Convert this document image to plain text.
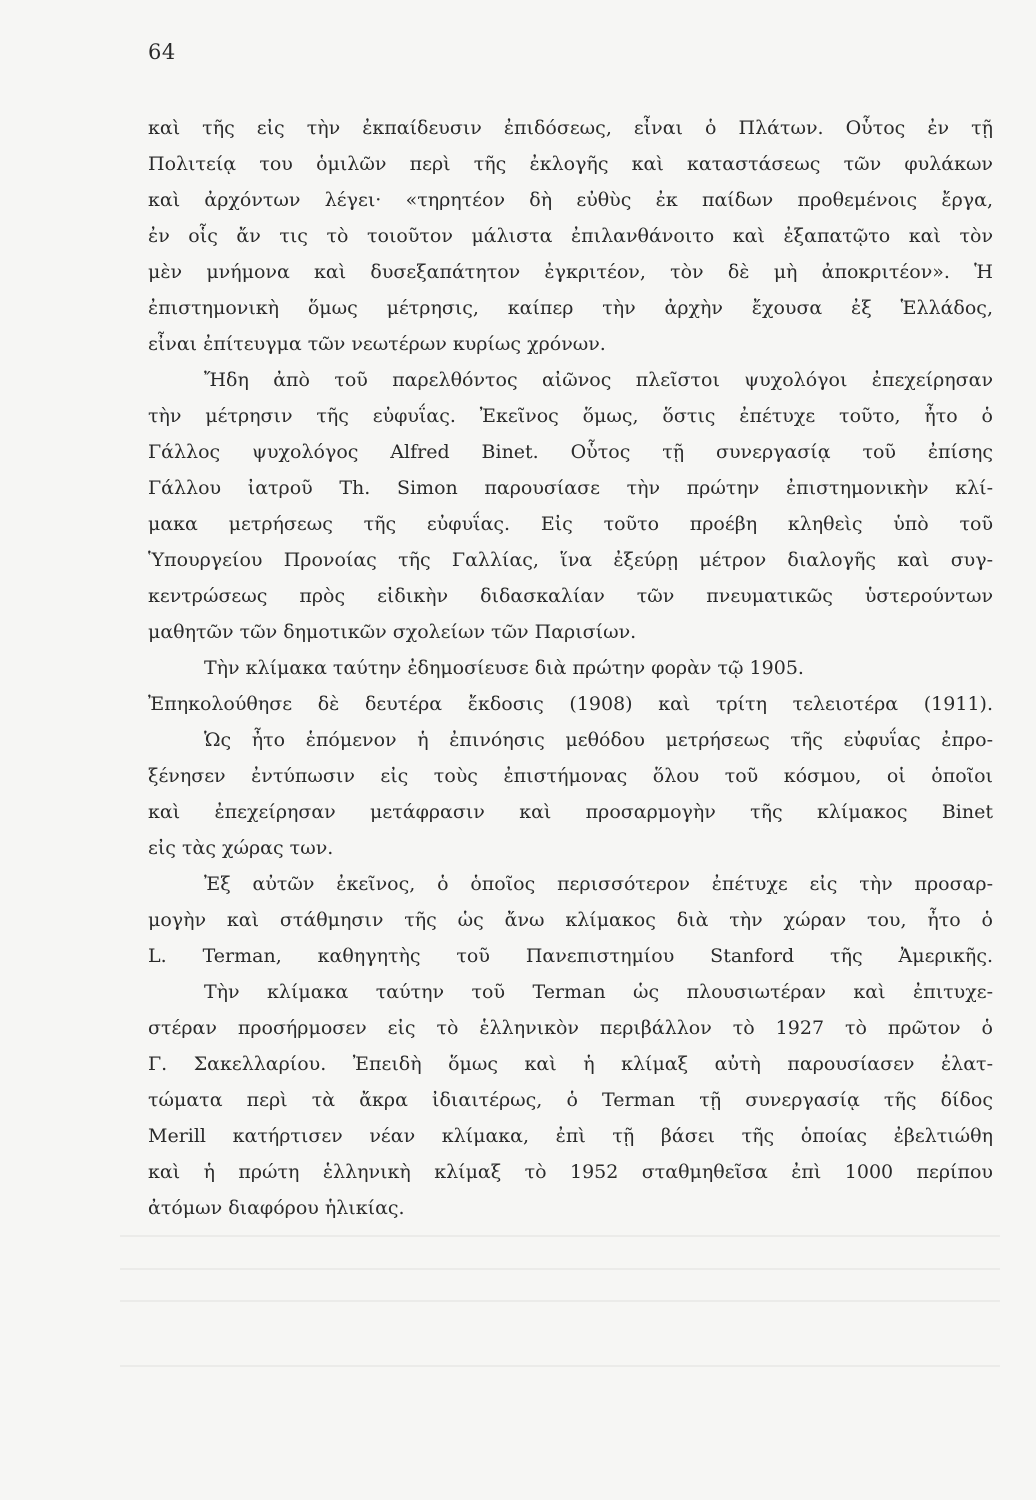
64
καὶ τῆς εἰς τὴν ἐκπαίδευσιν ἐπιδόσεως, εἶναι ὁ Πλάτων. Οὗτος ἐν τῇ
Πολιτείᾳ του ὁμιλῶν περὶ τῆς ἐκλογῆς καὶ καταστάσεως τῶν φυλάκων
καὶ ἀρχόντων λέγει· «τηρητέον δὴ εὐθὺς ἐκ παίδων προθεμένοις ἔργα,
ἐν οἷς ἄν τις τὸ τοιοῦτον μάλιστα ἐπιλανθάνοιτο καὶ ἐξαπατῷτο καὶ τὸν
μὲν μνήμονα καὶ δυσεξαπάτητον ἐγκριτέον, τὸν δὲ μὴ ἀποκριτέον». Ἡ
ἐπιστημονικὴ ὅμως μέτρησις, καίπερ τὴν ἀρχὴν ἔχουσα ἐξ Ἑλλάδος,
εἶναι ἐπίτευγμα τῶν νεωτέρων κυρίως χρόνων.
Ἤδη ἀπὸ τοῦ παρελθόντος αἰῶνος πλεῖστοι ψυχολόγοι ἐπεχείρησαν
τὴν μέτρησιν τῆς εὐφυΐας. Ἐκεῖνος ὅμως, ὅστις ἐπέτυχε τοῦτο, ἦτο ὁ
Γάλλος ψυχολόγος Alfred Binet. Οὗτος τῇ συνεργασίᾳ τοῦ ἐπίσης
Γάλλου ἰατροῦ Th. Simon παρουσίασε τὴν πρώτην ἐπιστημονικὴν κλί-
μακα μετρήσεως τῆς εὐφυΐας. Εἰς τοῦτο προέβη κληθεὶς ὑπὸ τοῦ
Ὑπουργείου Προνοίας τῆς Γαλλίας, ἵνα ἐξεύρῃ μέτρον διαλογῆς καὶ συγ-
κεντρώσεως πρὸς εἰδικὴν διδασκαλίαν τῶν πνευματικῶς ὑστερούντων
μαθητῶν τῶν δημοτικῶν σχολείων τῶν Παρισίων.
Τὴν κλίμακα ταύτην ἐδημοσίευσε διὰ πρώτην φορὰν τῷ 1905.
Ἐπηκολούθησε δὲ δευτέρα ἔκδοσις (1908) καὶ τρίτη τελειοτέρα (1911).
Ὡς ἦτο ἑπόμενον ἡ ἐπινόησις μεθόδου μετρήσεως τῆς εὐφυΐας ἐπρο-
ξένησεν ἐντύπωσιν εἰς τοὺς ἐπιστήμονας ὅλου τοῦ κόσμου, οἱ ὁποῖοι
καὶ ἐπεχείρησαν μετάφρασιν καὶ προσαρμογὴν τῆς κλίμακος Binet
εἰς τὰς χώρας των.
Ἐξ αὐτῶν ἐκεῖνος, ὁ ὁποῖος περισσότερον ἐπέτυχε εἰς τὴν προσαρ-
μογὴν καὶ στάθμησιν τῆς ὡς ἄνω κλίμακος διὰ τὴν χώραν του, ἦτο ὁ
L. Terman, καθηγητὴς τοῦ Πανεπιστημίου Stanford τῆς Ἀμερικῆς.
Τὴν κλίμακα ταύτην τοῦ Terman ὡς πλουσιωτέραν καὶ ἐπιτυχε-
στέραν προσήρμοσεν εἰς τὸ ἑλληνικὸν περιβάλλον τὸ 1927 τὸ πρῶτον ὁ
Γ. Σακελλαρίου. Ἐπειδὴ ὅμως καὶ ἡ κλίμαξ αὐτὴ παρουσίασεν ἐλατ-
τώματα περὶ τὰ ἄκρα ἰδιαιτέρως, ὁ Terman τῇ συνεργασίᾳ τῆς δίδος
Merill κατήρτισεν νέαν κλίμακα, ἐπὶ τῇ βάσει τῆς ὁποίας ἐβελτιώθη
καὶ ἡ πρώτη ἑλληνικὴ κλίμαξ τὸ 1952 σταθμηθεῖσα ἐπὶ 1000 περίπου
ἀτόμων διαφόρου ἡλικίας.
